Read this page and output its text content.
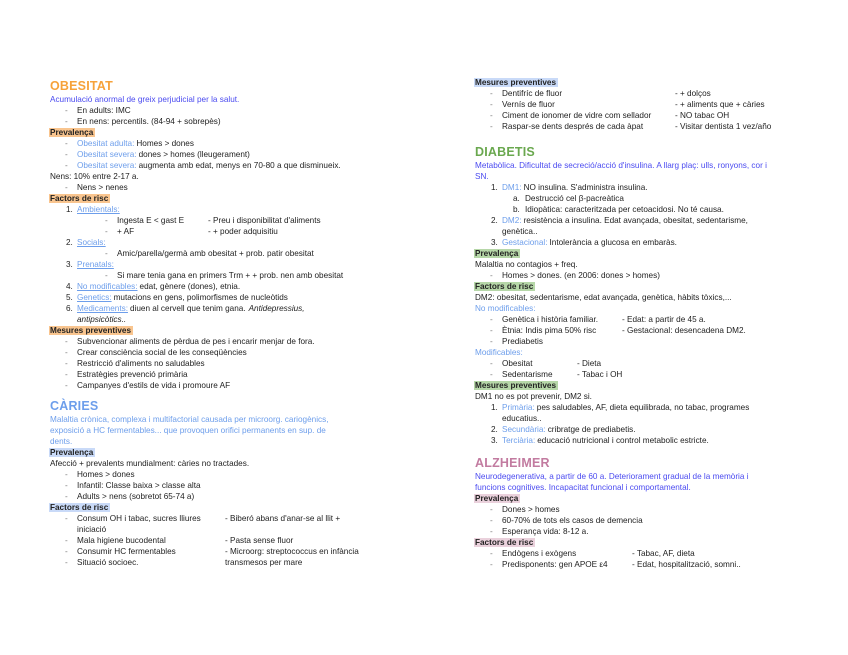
OBESITAT
Acumulació anormal de greix perjudicial per la salut.
- En adults: IMC
- En nens: percentils. (84-94 + sobrepès)
Prevalença
- Obesitat adulta: Homes > dones
- Obesitat severa: dones > homes (lleugerament)
- Obesitat severa: augmenta amb edat, menys en 70-80 a que disminueix.
Nens: 10% entre 2-17 a.
- Nens > nenes
Factors de risc
1. Ambientals:
- Ingesta E < gast E	- Preu i disponibilitat d'aliments
- + AF	- + poder adquisitiu
2. Socials:
- Amic/parella/germà amb obesitat + prob. patir obesitat
3. Prenatals:
- Si mare tenia gana en primers Trm + + prob. nen amb obesitat
4. No modificables: edat, gènere (dones), etnia.
5. Genetics: mutacions en gens, polimorfismes de nucleòtids
6. Medicaments: diuen al cervell que tenim gana. Antidepressius,
antipsicòtics..
Mesures preventives
- Subvencionar aliments de pèrdua de pes i encarir menjar de fora.
- Crear consciència social de les conseqüències
- Restricció d'aliments no saludables
- Estratègies prevenció primària
- Campanyes d'estils de vida i promoure AF
CÀRIES
Malaltia crònica, complexa i multifactorial causada per microorg. cariogènics,
exposició a HC fermentables... que provoquen orifici permanents en sup. de
dents.
Prevalença
Afecció + prevalents mundialment: càries no tractades.
- Homes > dones
- Infantil: Classe baixa > classe alta
- Adults > nens (sobretot 65-74 a)
Factors de risc
- Consum OH i tabac, sucres lliures	- Biberó abans d'anar-se al llit +
iniciació
- Mala higiene bucodental	- Pasta sense fluor
- Consumir HC fermentables	- Microorg: streptococcus en infància
- Situació socioec.	transmesos per mare
Mesures preventives
- Dentifríc de fluor	- + dolços
- Vernís de fluor	- + aliments que + càries
- Ciment de ionomer de vidre com sellador	- NO tabac OH
- Raspar-se dents després de cada àpat	- Visitar dentista 1 vez/año
DIABETIS
Metabòlica. Dificultat de secreció/acció d'insulina. A llarg plaç: ulls, ronyons, cor i
SN.
1. DM1: NO insulina. S'administra insulina.
a. Destrucció cel β-pacreàtica
b. Idiopàtica: caracteritzada per cetoacidosi. No té causa.
2. DM2: resistència a insulina. Edat avançada, obesitat, sedentarisme,
genètica..
3. Gestacional: Intolerància a glucosa en embaràs.
Prevalença
Malaltia no contagios + freq.
- Homes > dones. (en 2006: dones > homes)
Factors de risc
DM2: obesitat, sedentarisme, edat avançada, genètica, hàbits tòxics,...
No modificables:
- Genètica i història familiar.	- Edat: a partir de 45 a.
- Ètnia: Indis pima 50% risc	- Gestacional: desencadena DM2.
- Prediabetis
Modificables:
- Obesitat	- Dieta
- Sedentarisme	- Tabac i OH
Mesures preventives
DM1 no es pot prevenir, DM2 si.
1. Primària: pes saludables, AF, dieta equilibrada, no tabac, programes
educatius..
2. Secundària: cribratge de prediabetis.
3. Terciària: educació nutricional i control metabolic estricte.
ALZHEIMER
Neurodegenerativa, a partir de 60 a. Deteriorament gradual de la memòria i
funcions cognitives. Incapacitat funcional i comportamental.
Prevalença
- Dones > homes
- 60-70% de tots els casos de demencia
- Esperança vida: 8-12 a.
Factors de risc
- Endògens i exògens	- Tabac, AF, dieta
- Predisponents: gen APOE ε4	- Edat, hospitalització, somni..
